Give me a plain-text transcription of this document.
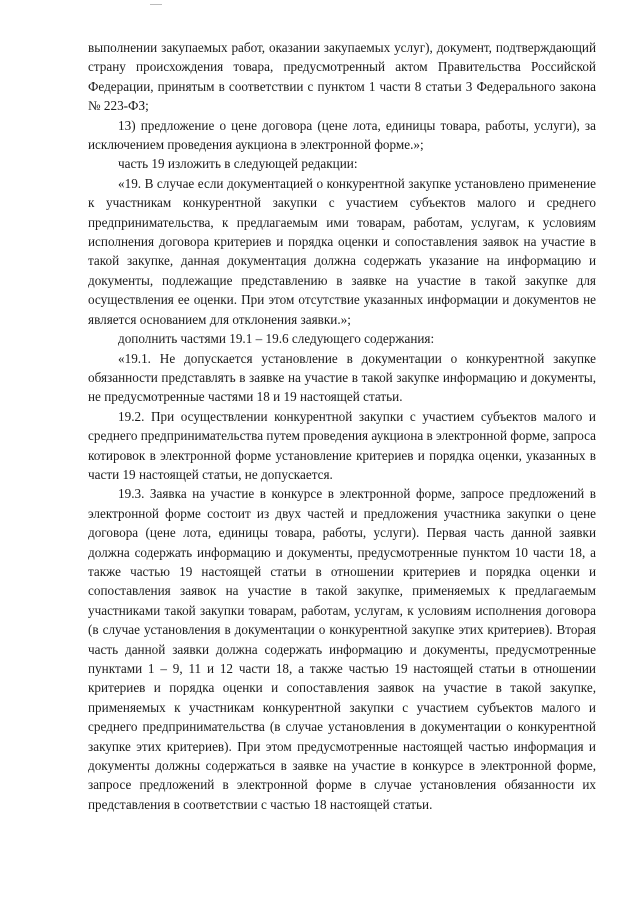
выполнении закупаемых работ, оказании закупаемых услуг), документ, подтверждающий страну происхождения товара, предусмотренный актом Правительства Российской Федерации, принятым в соответствии с пунктом 1 части 8 статьи 3 Федерального закона № 223-ФЗ;

13) предложение о цене договора (цене лота, единицы товара, работы, услуги), за исключением проведения аукциона в электронной форме.»;

часть 19 изложить в следующей редакции:

«19. В случае если документацией о конкурентной закупке установлено применение к участникам конкурентной закупки с участием субъектов малого и среднего предпринимательства, к предлагаемым ими товарам, работам, услугам, к условиям исполнения договора критериев и порядка оценки и сопоставления заявок на участие в такой закупке, данная документация должна содержать указание на информацию и документы, подлежащие представлению в заявке на участие в такой закупке для осуществления ее оценки. При этом отсутствие указанных информации и документов не является основанием для отклонения заявки.»;

дополнить частями 19.1 – 19.6 следующего содержания:

«19.1. Не допускается установление в документации о конкурентной закупке обязанности представлять в заявке на участие в такой закупке информацию и документы, не предусмотренные частями 18 и 19 настоящей статьи.

19.2. При осуществлении конкурентной закупки с участием субъектов малого и среднего предпринимательства путем проведения аукциона в электронной форме, запроса котировок в электронной форме установление критериев и порядка оценки, указанных в части 19 настоящей статьи, не допускается.

19.3. Заявка на участие в конкурсе в электронной форме, запросе предложений в электронной форме состоит из двух частей и предложения участника закупки о цене договора (цене лота, единицы товара, работы, услуги). Первая часть данной заявки должна содержать информацию и документы, предусмотренные пунктом 10 части 18, а также частью 19 настоящей статьи в отношении критериев и порядка оценки и сопоставления заявок на участие в такой закупке, применяемых к предлагаемым участниками такой закупки товарам, работам, услугам, к условиям исполнения договора (в случае установления в документации о конкурентной закупке этих критериев). Вторая часть данной заявки должна содержать информацию и документы, предусмотренные пунктами 1 – 9, 11 и 12 части 18, а также частью 19 настоящей статьи в отношении критериев и порядка оценки и сопоставления заявок на участие в такой закупке, применяемых к участникам конкурентной закупки с участием субъектов малого и среднего предпринимательства (в случае установления в документации о конкурентной закупке этих критериев). При этом предусмотренные настоящей частью информация и документы должны содержаться в заявке на участие в конкурсе в электронной форме, запросе предложений в электронной форме в случае установления обязанности их представления в соответствии с частью 18 настоящей статьи.
